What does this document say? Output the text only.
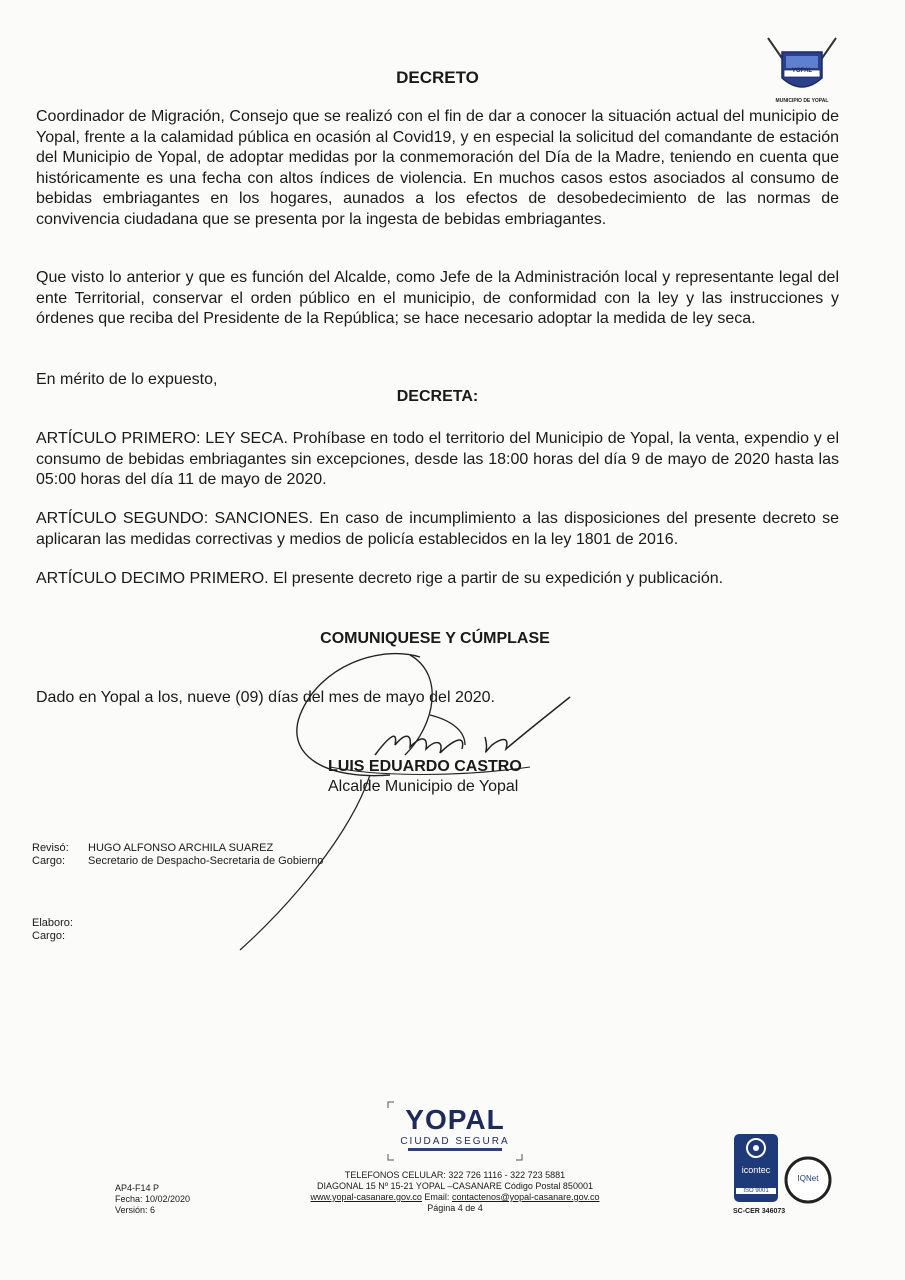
YOPAL
MUNICIPIO DE YOPAL
DECRETO
Coordinador de Migración, Consejo que se realizó con el fin de dar a conocer la situación actual del municipio de Yopal, frente a la calamidad pública en ocasión al Covid19, y en especial la solicitud del comandante de estación del Municipio de Yopal, de adoptar medidas por la conmemoración del Día de la Madre, teniendo en cuenta que históricamente es una fecha con altos índices de violencia. En muchos casos estos asociados al consumo de bebidas embriagantes en los hogares, aunados a los efectos de desobedecimiento de las normas de convivencia ciudadana que se presenta por la ingesta de bebidas embriagantes.
Que visto lo anterior y que es función del Alcalde, como Jefe de la Administración local y representante legal del ente Territorial, conservar el orden público en el municipio, de conformidad con la ley y las instrucciones y órdenes que reciba del Presidente de la República; se hace necesario adoptar la medida de ley seca.
En mérito de lo expuesto,
DECRETA:
ARTÍCULO PRIMERO: LEY SECA. Prohíbase en todo el territorio del Municipio de Yopal, la venta, expendio y el consumo de bebidas embriagantes sin excepciones, desde las 18:00 horas del día 9 de mayo de 2020 hasta las 05:00 horas del día 11 de mayo de 2020.
ARTÍCULO SEGUNDO: SANCIONES. En caso de incumplimiento a las disposiciones del presente decreto se aplicaran las medidas correctivas y medios de policía establecidos en la ley 1801 de 2016.
ARTÍCULO DECIMO PRIMERO. El presente decreto rige a partir de su expedición y publicación.
COMUNIQUESE Y CÚMPLASE
Dado en Yopal a los, nueve (09) días del mes de mayo del 2020.
LUIS EDUARDO CASTRO
Alcalde Municipio de Yopal
Revisó: HUGO ALFONSO ARCHILA SUAREZ
Cargo: Secretario de Despacho-Secretaria de Gobierno
Elaboro:
Cargo:
YOPAL
CIUDAD SEGURA
AP4-F14 P
Fecha: 10/02/2020
Versión: 6
TELEFONOS CELULAR: 322 726 1116 - 322 723 5881
DIAGONAL 15 Nº 15-21 YOPAL –CASANARE Código Postal 850001
www.yopal-casanare.gov.co Email: contactenos@yopal-casanare.gov.co
Página 4 de 4
icontec
ISO 9001
IQNet
SC-CER 346073
